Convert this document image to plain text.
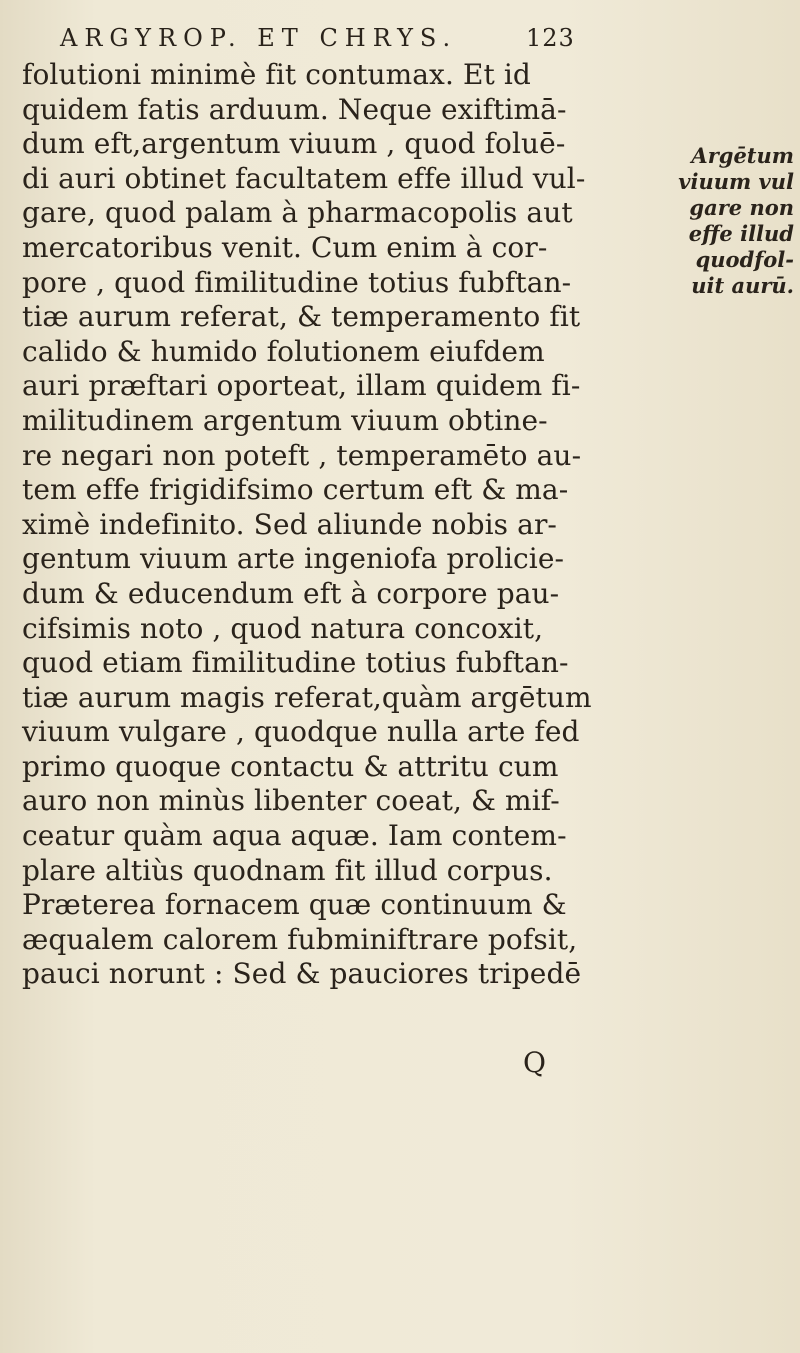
ARGYROP. ET CHRYS.	123
folutioni minimè fit contumax. Et id
quidem fatis arduum. Neque exiftimā-
dum eft,argentum viuum , quod foluē-
di auri obtinet facultatem effe illud vul-
gare, quod palam à pharmacopolis aut
mercatoribus venit. Cum enim à cor-
pore , quod fimilitudine totius fubftan-
tiæ aurum referat, & temperamento fit
calido & humido folutionem eiufdem
auri præftari oporteat, illam quidem fi-
militudinem argentum viuum obtine-
re negari non poteft , temperamēto au-
tem effe frigidifsimo certum eft & ma-
ximè indefinito. Sed aliunde nobis ar-
gentum viuum arte ingeniofa prolicie-
dum & educendum eft à corpore pau-
cifsimis noto , quod natura concoxit,
quod etiam fimilitudine totius fubftan-
tiæ aurum magis referat,quàm argētum
viuum vulgare , quodque nulla arte fed
primo quoque contactu & attritu cum
auro non minùs libenter coeat, & mif-
ceatur quàm aqua aquæ. Iam contem-
plare altiùs quodnam fit illud corpus.
Præterea fornacem quæ continuum &
æqualem calorem fubminiftrare pofsit,
pauci norunt : Sed & pauciores tripedē
Argētum
viuum vul
gare non
effe illud
quodfol-
uit aurū.
Q
